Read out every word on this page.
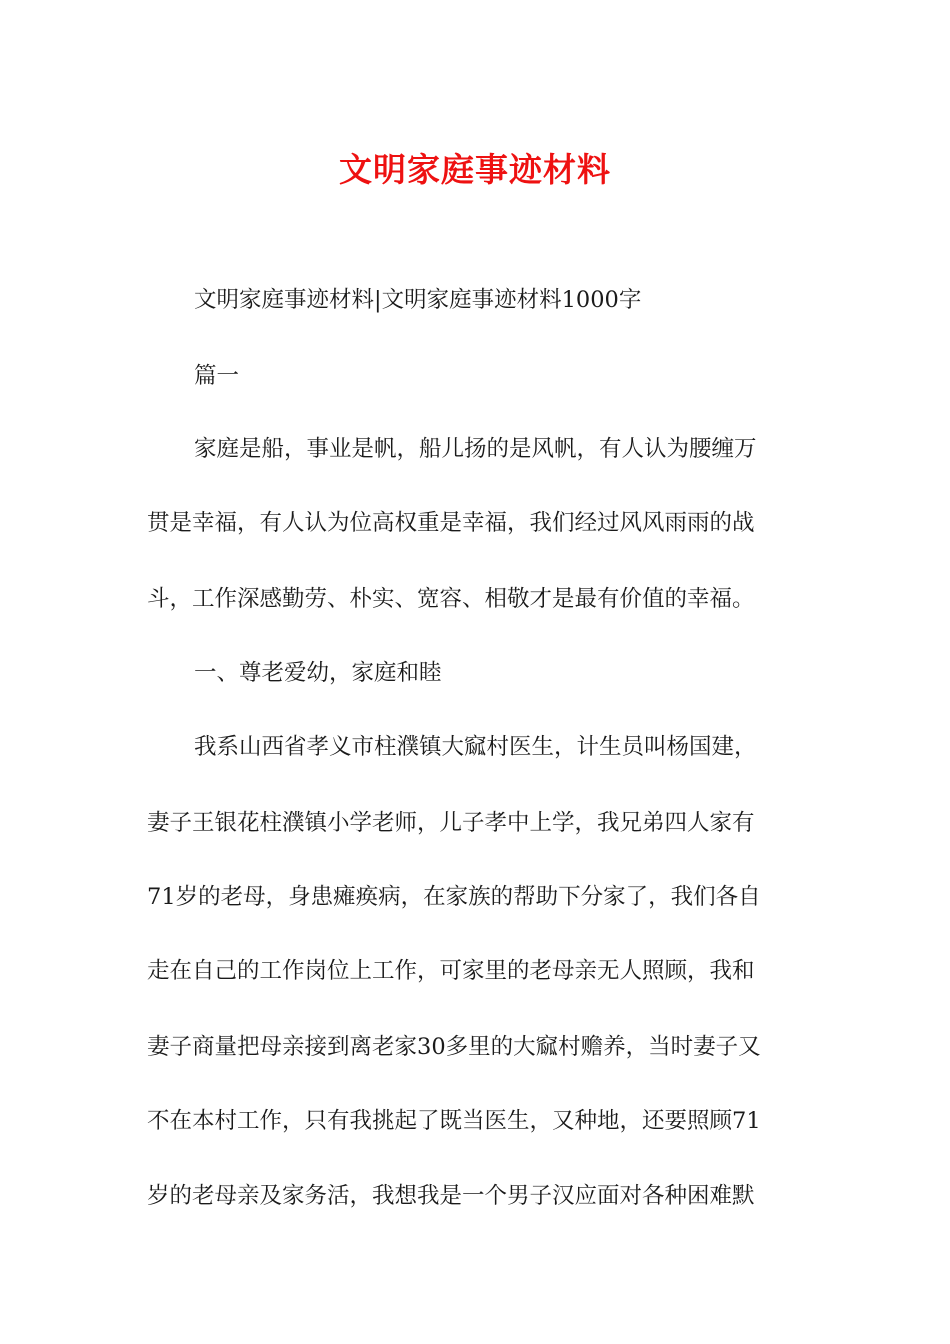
文明家庭事迹材料
文明家庭事迹材料|文明家庭事迹材料1000字
篇一
家庭是船，事业是帆，船儿扬的是风帆，有人认为腰缠万
贯是幸福，有人认为位高权重是幸福，我们经过风风雨雨的战
斗，工作深感勤劳、朴实、宽容、相敬才是最有价值的幸福。
一、尊老爱幼，家庭和睦
我系山西省孝义市柱濮镇大窳村医生，计生员叫杨国建，
妻子王银花柱濮镇小学老师，儿子孝中上学，我兄弟四人家有
71岁的老母，身患瘫痪病，在家族的帮助下分家了，我们各自
走在自己的工作岗位上工作，可家里的老母亲无人照顾，我和
妻子商量把母亲接到离老家30多里的大窳村赡养，当时妻子又
不在本村工作，只有我挑起了既当医生，又种地，还要照顾71
岁的老母亲及家务活，我想我是一个男子汉应面对各种困难默
